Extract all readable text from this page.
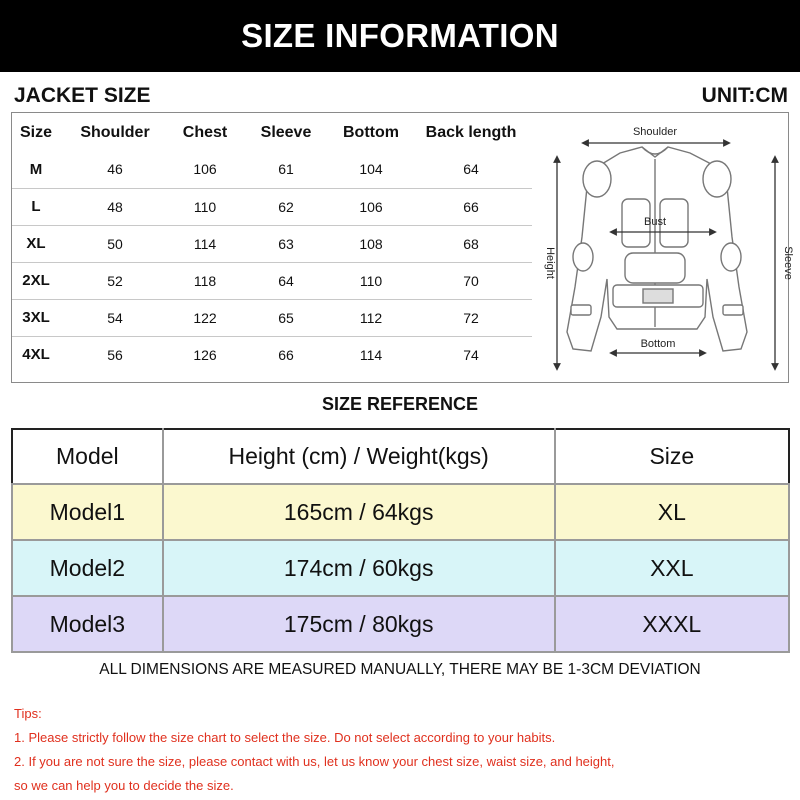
SIZE INFORMATION
JACKET SIZE	UNIT:CM
Size	Shoulder	Chest	Sleeve	Bottom	Back length
M	46	106	61	104	64
L	48	110	62	106	66
XL	50	114	63	108	68
2XL	52	118	64	110	70
3XL	54	122	65	112	72
4XL	56	126	66	114	74
Shoulder
Bust
Height	Sleeve
Bottom
SIZE REFERENCE
Model	Height (cm) / Weight(kgs)	Size
Model1	165cm / 64kgs	XL
Model2	174cm / 60kgs	XXL
Model3	175cm / 80kgs	XXXL
ALL DIMENSIONS ARE MEASURED MANUALLY, THERE MAY BE 1-3CM DEVIATION
Tips:
1. Please strictly follow the size chart to select the size. Do not select according to your habits.
2. If you are not sure the size, please contact with us, let us know your chest size, waist size, and height,
so we can help you to decide the size.
